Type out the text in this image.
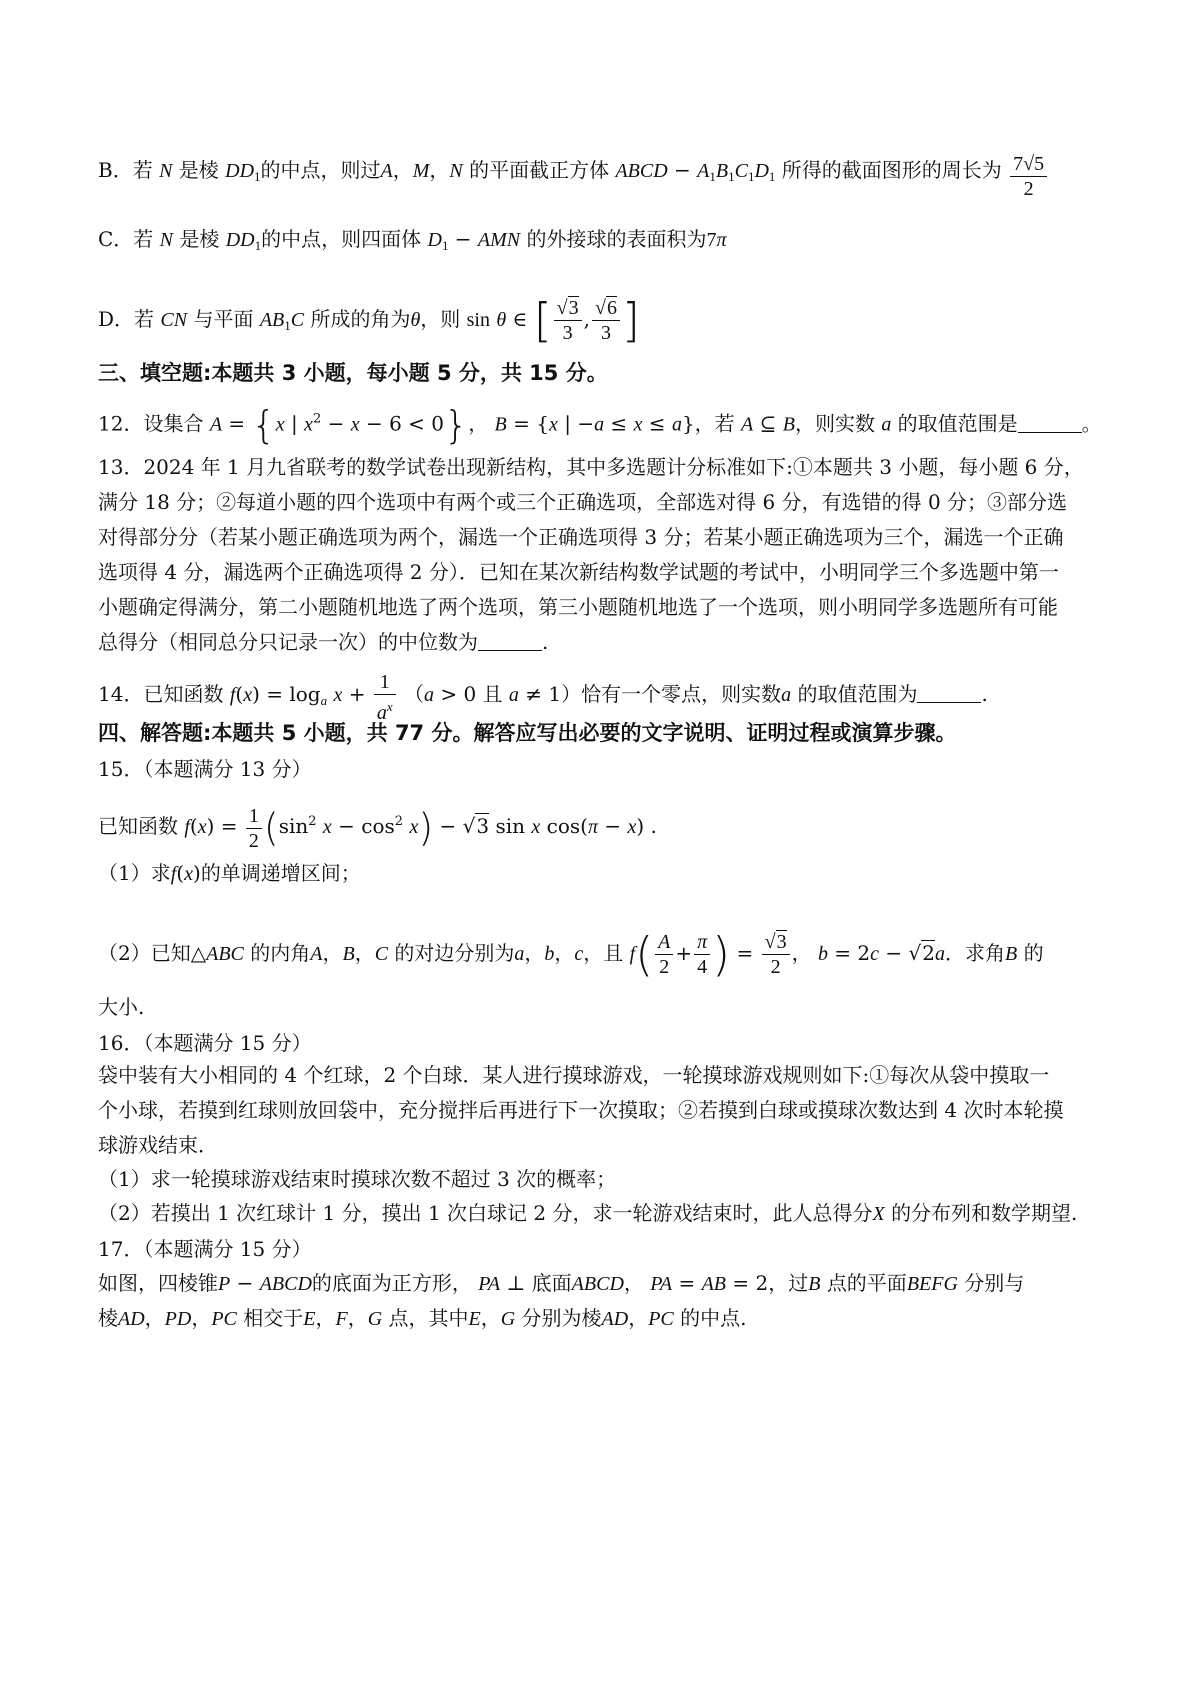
B．若 N 是棱 $DD_1$的中点，则过A，M，N 的平面截正方体 ABCD − $A_1B_1C_1D_1$ 所得的截面图形的周长为 $\frac{7√5}{2}$
C．若 N 是棱 $DD_1$的中点，则四面体 $D_1$ − AMN 的外接球的表面积为7π
D．若 CN 与平面 $AB_1C$ 所成的角为θ，则 sin θ ∈ [ $\frac{√3}{3}$ , $\frac{√6}{3}$ ]
三、填空题:本题共 3 小题，每小题 5 分，共 15 分。
12．设集合 A = {x | $x^2 - x - 6 < 0$}， B = {x | −a ≤ x ≤ a}，若 A ⊆ B，则实数 a 的取值范围是	。
13．2024 年 1 月九省联考的数学试卷出现新结构，其中多选题计分标准如下:①本题共 3 小题，每小题 6 分，
满分 18 分；②每道小题的四个选项中有两个或三个正确选项，全部选对得 6 分，有选错的得 0 分；③部分选
对得部分分（若某小题正确选项为两个，漏选一个正确选项得 3 分；若某小题正确选项为三个，漏选一个正确
选项得 4 分，漏选两个正确选项得 2 分）．已知在某次新结构数学试题的考试中，小明同学三个多选题中第一
小题确定得满分，第二小题随机地选了两个选项，第三小题随机地选了一个选项，则小明同学多选题所有可能
总得分（相同总分只记录一次）的中位数为	.
14．已知函数 $f(x) = \log_a x + \frac{1}{a^x} (a > 0$ 且 a ≠ 1）恰有一个零点，则实数a 的取值范围为	.
四、解答题:本题共 5 小题，共 77 分。解答应写出必要的文字说明、证明过程或演算步骤。
15．（本题满分 13 分）
已知函数 $f(x) = \frac{1}{2} (\sin^2$ $x - \cos^2 x) - √3$ sin x cos(π − x) .
（1）求f(x)的单调递增区间；
（2）已知△ABC 的内角A，B，C 的对边分别为a，b，c，且 $f( \frac{A}{2} + \frac{\pi}{4}$ ) = $\frac{√3}{2}$ ， b = 2c − √2a．求角B 的
大小.
16．（本题满分 15 分）
袋中装有大小相同的 4 个红球，2 个白球．某人进行摸球游戏，一轮摸球游戏规则如下:①每次从袋中摸取一
个小球，若摸到红球则放回袋中，充分搅拌后再进行下一次摸取；②若摸到白球或摸球次数达到 4 次时本轮摸
球游戏结束．
（1）求一轮摸球游戏结束时摸球次数不超过 3 次的概率；
（2）若摸出 1 次红球计 1 分，摸出 1 次白球记 2 分，求一轮游戏结束时，此人总得分X 的分布列和数学期望.
17．（本题满分 15 分）
如图，四棱锥P − ABCD的底面为正方形， PA ⊥ 底面ABCD， PA = AB = 2，过B 点的平面BEFG 分别与
棱AD，PD，PC 相交于E，F，G 点，其中E，G 分别为棱AD，PC 的中点.
